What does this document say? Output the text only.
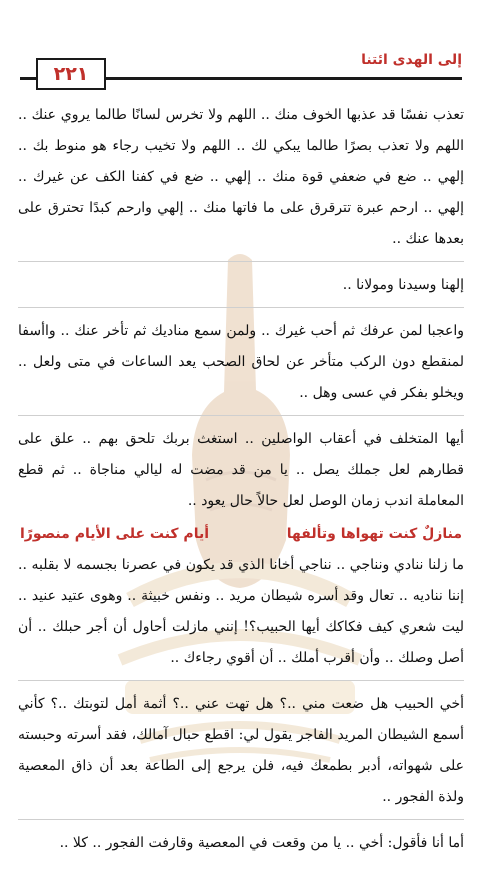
٢٢١
إلى الهدى ائتنا

تعذب نفسًا قد عذبها الخوف منك .. اللهم ولا تخرس لسانًا طالما يروي عنك .. اللهم ولا تعذب بصرًا طالما يبكي لك .. اللهم ولا تخيب رجاء هو منوط بك .. إلهي .. ضع في ضعفي قوة منك .. إلهي .. ضع في كفنا الكف عن غيرك .. إلهي .. ارحم عبرة تترقرق على ما فاتها منك .. إلهي وارحم كبدًا تحترق على بعدها عنك ..

إلهنا وسيدنا ومولانا ..

واعجبا لمن عرفك ثم أحب غيرك .. ولمن سمع مناديك ثم تأخر عنك .. واأسفا لمنقطع دون الركب متأخر عن لحاق الصحب يعد الساعات في متى ولعل .. ويخلو بفكر في عسى وهل ..

أيها المتخلف في أعقاب الواصلين .. استغث بربك تلحق بهم .. علق على قطارهم لعل جملك يصل .. يا من قد مضت له ليالي مناجاة .. ثم قطع المعاملة اندب زمان الوصل لعل حالاً حال يعود ..

منازلٌ كنت تهواها وتألفها
أيام كنت على الأيام منصورًا

ما زلنا ننادي ونناجي .. نناجي أخانا الذي قد يكون في عصرنا بجسمه لا بقلبه .. إننا نناديه .. تعال وقد أسره شيطان مريد .. ونفس خبيثة .. وهوى عتيد عنيد .. ليت شعري كيف فكاكك أيها الحبيب؟! إنني مازلت أحاول أن أجر حبلك .. أن أصل وصلك .. وأن أقرب أملك .. أن أقوي رجاءك ..

أخي الحبيب هل ضعت مني ..؟ هل تهت عني ..؟ أثمة أمل لتوبتك ..؟ كأني أسمع الشيطان المريد الفاجر يقول لي: اقطع حبال آمالك، فقد أسرته وحبسته على شهواته، أدبر بطمعك فيه، فلن يرجع إلى الطاعة بعد أن ذاق المعصية ولذة الفجور ..

أما أنا فأقول: أخي .. يا من وقعت في المعصية وقارفت الفجور .. كلا ..
